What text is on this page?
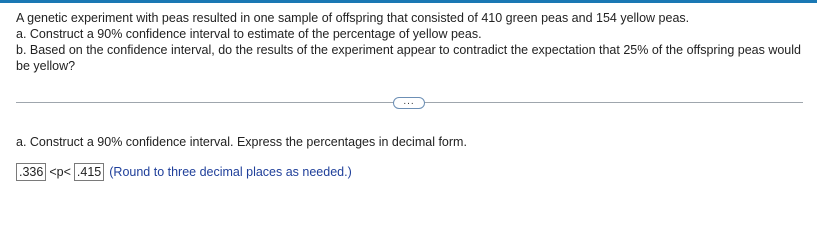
A genetic experiment with peas resulted in one sample of offspring that consisted of 410 green peas and 154 yellow peas.

a. Construct a 90% confidence interval to estimate of the percentage of yellow peas.

b. Based on the confidence interval, do the results of the experiment appear to contradict the expectation that 25% of the offspring peas would be yellow?

...
a. Construct a 90% confidence interval. Express the percentages in decimal form.
.336 <p< .415 (Round to three decimal places as needed.)
